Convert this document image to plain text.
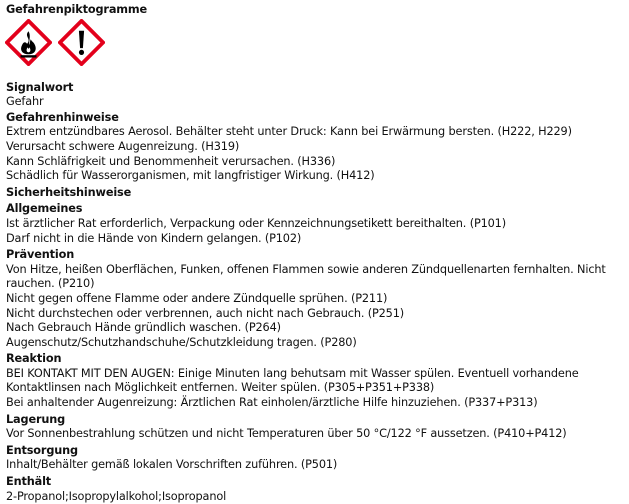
Gefahrenpiktogramme
Signalwort

Gefahr

Gefahrenhinweise

Extrem entzündbares Aerosol. Behälter steht unter Druck: Kann bei Erwärmung bersten. (H222, H229)

Verursacht schwere Augenreizung. (H319)

Kann Schläfrigkeit und Benommenheit verursachen. (H336)

Schädlich für Wasserorganismen, mit langfristiger Wirkung. (H412)

Sicherheitshinweise
Allgemeines

Ist ärztlicher Rat erforderlich, Verpackung oder Kennzeichnungsetikett bereithalten. (P101)

Darf nicht in die Hände von Kindern gelangen. (P102)

Prävention

Von Hitze, heißen Oberflächen, Funken, offenen Flammen sowie anderen Zündquellenarten fernhalten. Nicht rauchen. (P210)

Nicht gegen offene Flamme oder andere Zündquelle sprühen. (P211)

Nicht durchstechen oder verbrennen, auch nicht nach Gebrauch. (P251)

Nach Gebrauch Hände gründlich waschen. (P264)

Augenschutz/Schutzhandschuhe/Schutzkleidung tragen. (P280)

Reaktion

BEI KONTAKT MIT DEN AUGEN: Einige Minuten lang behutsam mit Wasser spülen. Eventuell vorhandene Kontaktlinsen nach Möglichkeit entfernen. Weiter spülen. (P305+P351+P338)

Bei anhaltender Augenreizung: Ärztlichen Rat einholen/ärztliche Hilfe hinzuziehen. (P337+P313)

Lagerung

Vor Sonnenbestrahlung schützen und nicht Temperaturen über 50 °C/122 °F aussetzen. (P410+P412)

Entsorgung

Inhalt/Behälter gemäß lokalen Vorschriften zuführen. (P501)

Enthält

2-Propanol;Isopropylalkohol;Isopropanol
